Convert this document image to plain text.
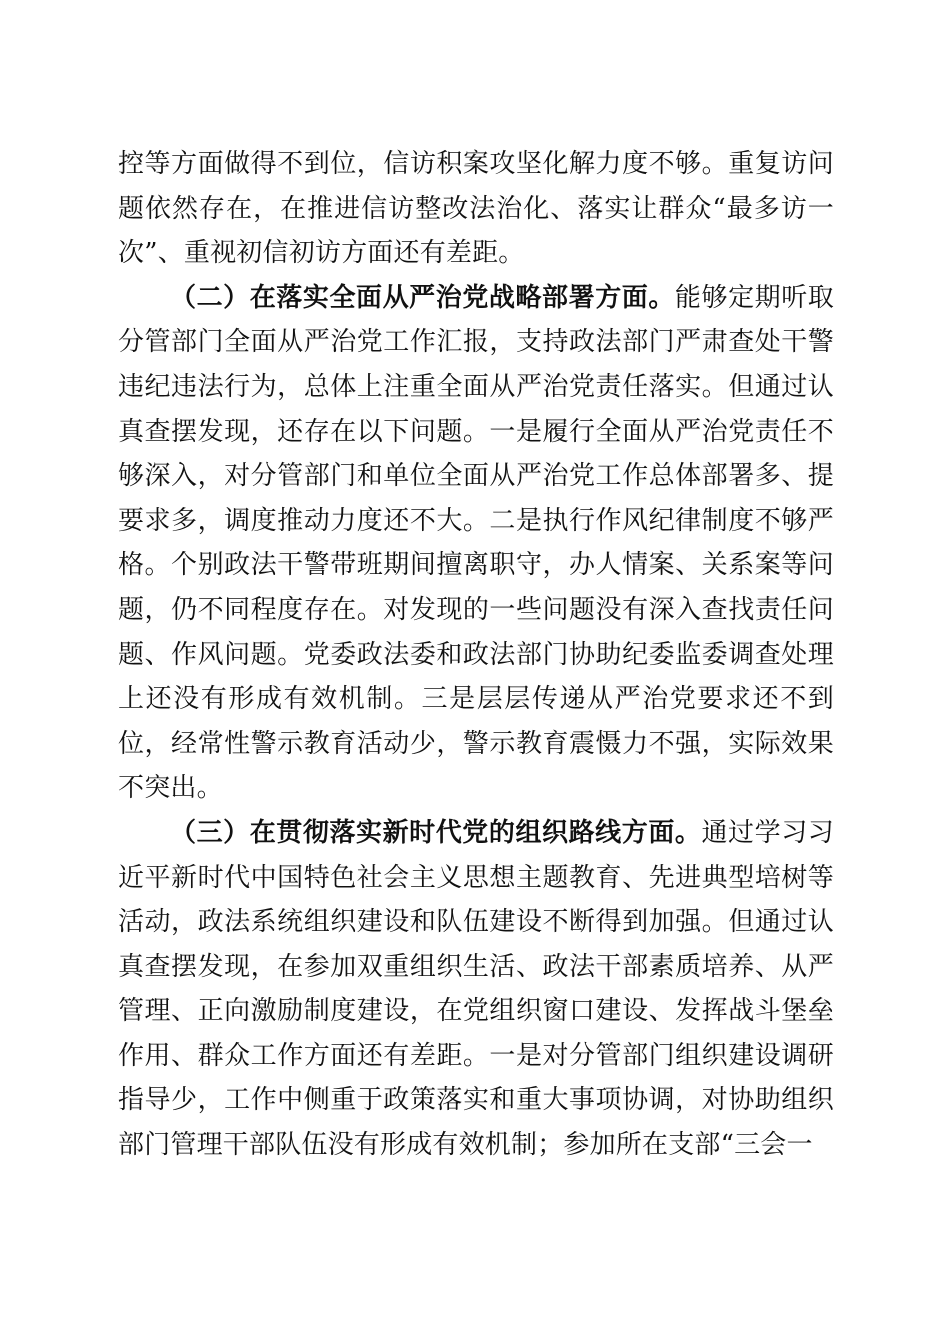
控等方面做得不到位，信访积案攻坚化解力度不够。重复访问题依然存在，在推进信访整改法治化、落实让群众“最多访一次”、重视初信初访方面还有差距。

（二）在落实全面从严治党战略部署方面。能够定期听取分管部门全面从严治党工作汇报，支持政法部门严肃查处干警违纪违法行为，总体上注重全面从严治党责任落实。但通过认真查摆发现，还存在以下问题。一是履行全面从严治党责任不够深入，对分管部门和单位全面从严治党工作总体部署多、提要求多，调度推动力度还不大。二是执行作风纪律制度不够严格。个别政法干警带班期间擅离职守，办人情案、关系案等问题，仍不同程度存在。对发现的一些问题没有深入查找责任问题、作风问题。党委政法委和政法部门协助纪委监委调查处理上还没有形成有效机制。三是层层传递从严治党要求还不到位，经常性警示教育活动少，警示教育震慑力不强，实际效果不突出。

（三）在贯彻落实新时代党的组织路线方面。通过学习习近平新时代中国特色社会主义思想主题教育、先进典型培树等活动，政法系统组织建设和队伍建设不断得到加强。但通过认真查摆发现，在参加双重组织生活、政法干部素质培养、从严管理、正向激励制度建设，在党组织窗口建设、发挥战斗堡垒作用、群众工作方面还有差距。一是对分管部门组织建设调研指导少，工作中侧重于政策落实和重大事项协调，对协助组织部门管理干部队伍没有形成有效机制；参加所在支部“三会一
